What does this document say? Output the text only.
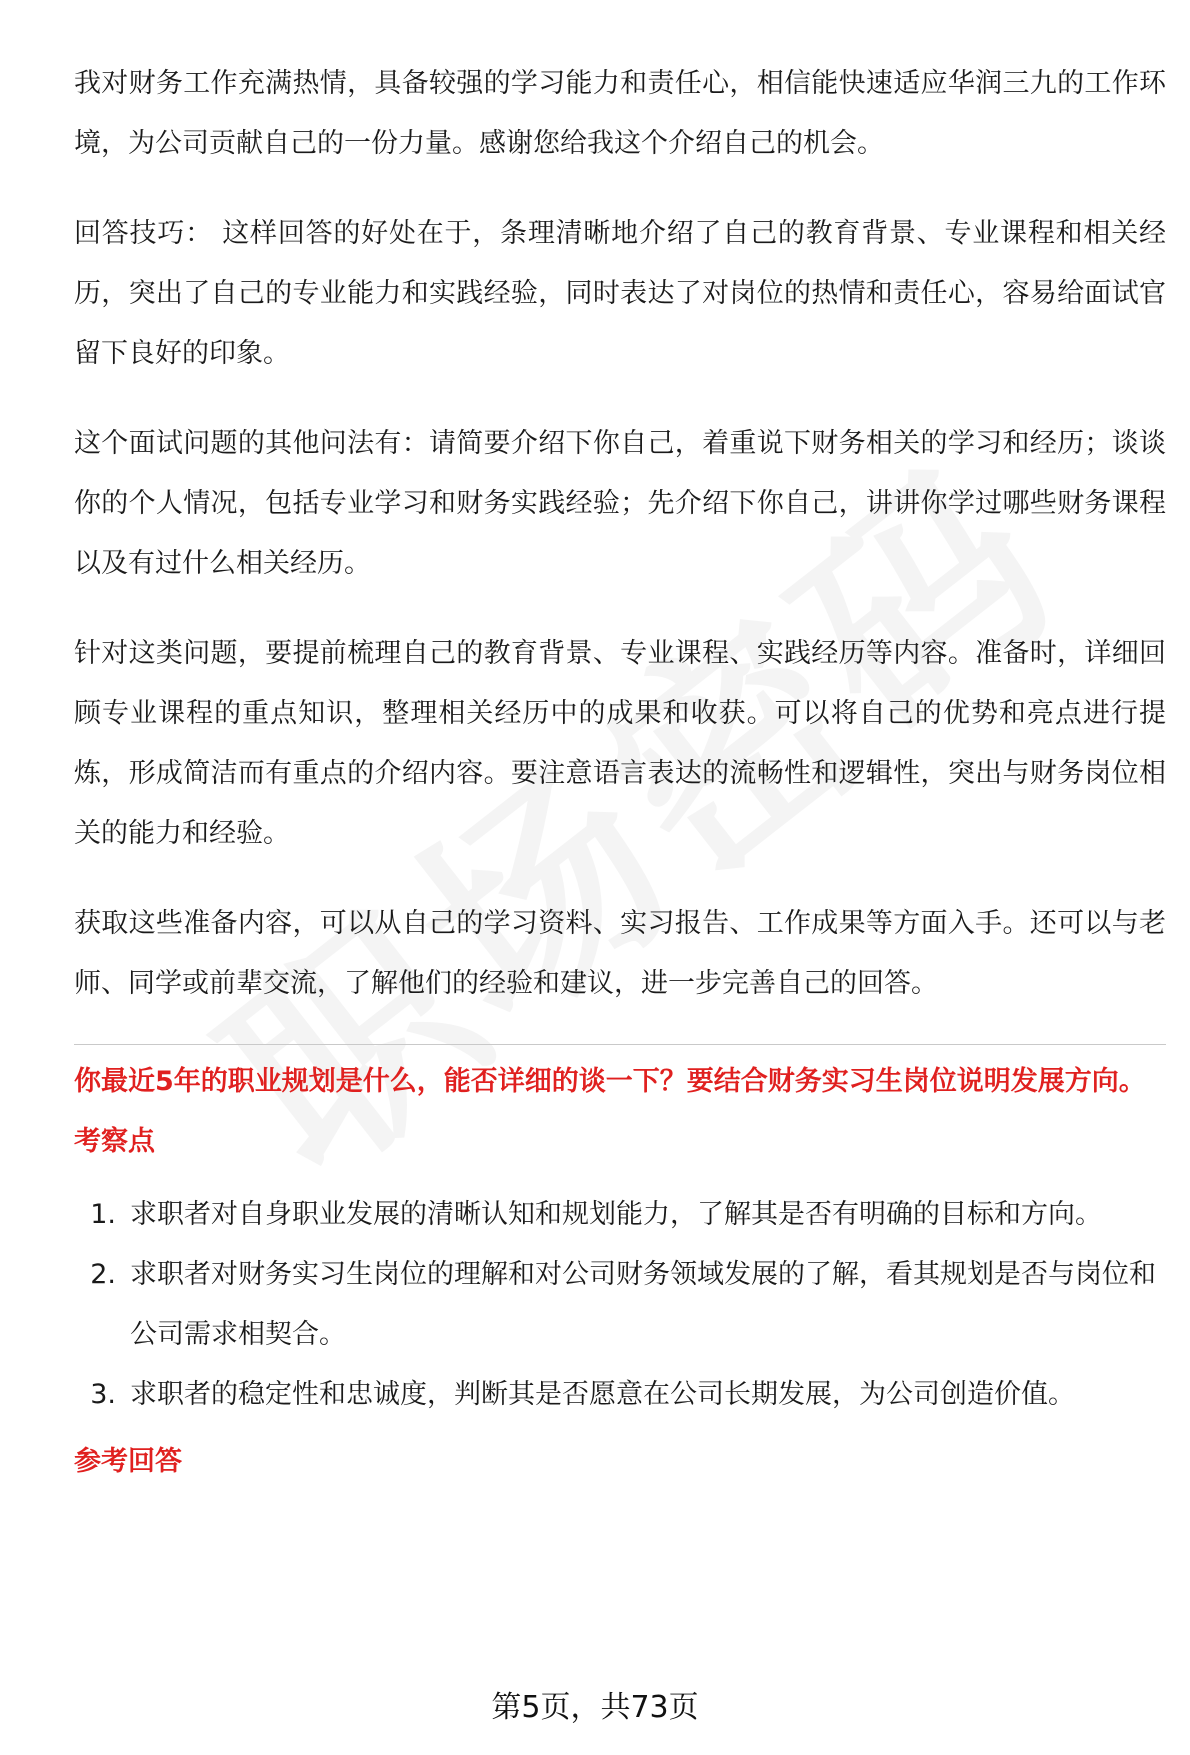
我对财务工作充满热情，具备较强的学习能力和责任心，相信能快速适应华润三九的工作环境，为公司贡献自己的一份力量。感谢您给我这个介绍自己的机会。

回答技巧： 这样回答的好处在于，条理清晰地介绍了自己的教育背景、专业课程和相关经历，突出了自己的专业能力和实践经验，同时表达了对岗位的热情和责任心，容易给面试官留下良好的印象。

这个面试问题的其他问法有：请简要介绍下你自己，着重说下财务相关的学习和经历；谈谈你的个人情况，包括专业学习和财务实践经验；先介绍下你自己，讲讲你学过哪些财务课程以及有过什么相关经历。

针对这类问题，要提前梳理自己的教育背景、专业课程、实践经历等内容。准备时，详细回顾专业课程的重点知识，整理相关经历中的成果和收获。可以将自己的优势和亮点进行提炼，形成简洁而有重点的介绍内容。要注意语言表达的流畅性和逻辑性，突出与财务岗位相关的能力和经验。

获取这些准备内容，可以从自己的学习资料、实习报告、工作成果等方面入手。还可以与老师、同学或前辈交流，了解他们的经验和建议，进一步完善自己的回答。

你最近5年的职业规划是什么，能否详细的谈一下？要结合财务实习生岗位说明发展方向。
考察点
1. 求职者对自身职业发展的清晰认知和规划能力，了解其是否有明确的目标和方向。
2. 求职者对财务实习生岗位的理解和对公司财务领域发展的了解，看其规划是否与岗位和公司需求相契合。
3. 求职者的稳定性和忠诚度，判断其是否愿意在公司长期发展，为公司创造价值。
参考回答
第5页，共73页
